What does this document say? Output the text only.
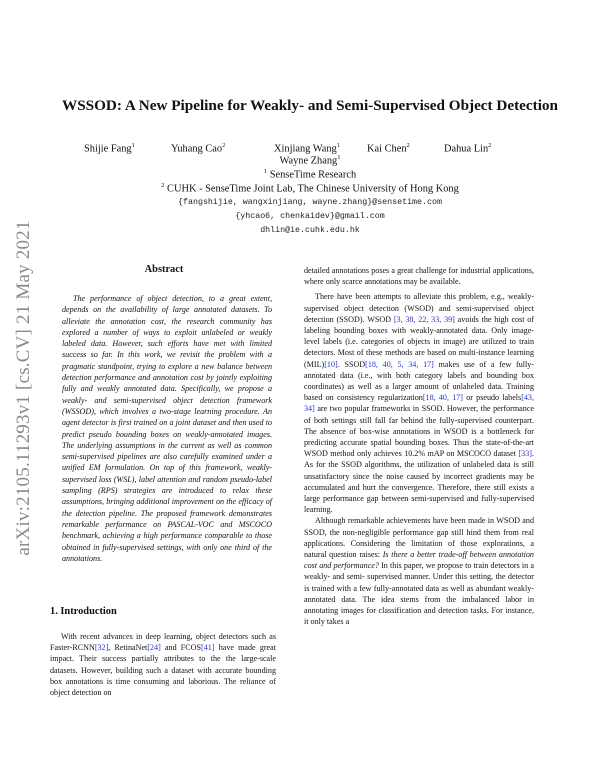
arXiv:2105.11293v1 [cs.CV] 21 May 2021
WSSOD: A New Pipeline for Weakly- and Semi-Supervised Object Detection
Shijie Fang$^1$	Yuhang Cao$^2$	Xinjiang Wang$^1$	Kai Chen$^2$	Dahua Lin$^2$
Wayne Zhang$^1$
$^1$ SenseTime Research
$^2$ CUHK - SenseTime Joint Lab, The Chinese University of Hong Kong
{fangshijie, wangxinjiang, wayne.zhang}@sensetime.com
{yhcao6, chenkaidev}@gmail.com
dhlin@ie.cuhk.edu.hk
Abstract

The performance of object detection, to a great extent, depends on the availability of large annotated datasets. To alleviate the annotation cost, the research community has explored a number of ways to exploit unlabeled or weakly labeled data. However, such efforts have met with limited success so far. In this work, we revisit the problem with a pragmatic standpoint, trying to explore a new balance between detection performance and annotation cost by jointly exploiting fully and weakly annotated data. Specifically, we propose a weakly- and semi-supervised object detection framework (WSSOD), which involves a two-stage learning procedure. An agent detector is first trained on a joint dataset and then used to predict pseudo bounding boxes on weakly-annotated images. The underlying assumptions in the current as well as common semi-supervised pipelines are also carefully examined under a unified EM formulation. On top of this framework, weakly-supervised loss (WSL), label attention and random pseudo-label sampling (RPS) strategies are introduced to relax these assumptions, bringing additional improvement on the efficacy of the detection pipeline. The proposed framework demonstrates remarkable performance on PASCAL-VOC and MSCOCO benchmark, achieving a high performance comparable to those obtained in fully-supervised settings, with only one third of the annotations.

1. Introduction

With recent advances in deep learning, object detectors such as Faster-RCNN[32], RetinaNet[24] and FCOS[41] have made great impact. Their success partially attributes to the the large-scale datasets. However, building such a dataset with accurate bounding box annotations is time consuming and laborious. The reliance of object detection on

detailed annotations poses a great challenge for industrial applications, where only scarce annotations may be available.

There have been attempts to alleviate this problem, e.g., weakly-supervised object detection (WSOD) and semi-supervised object detection (SSOD). WSOD [3, 38, 22, 33, 39] avoids the high cost of labeling bounding boxes with weakly-annotated data. Only image-level labels (i.e. categories of objects in image) are utilized to train detectors. Most of these methods are based on multi-instance learning (MIL)[10]. SSOD[18, 40, 5, 34, 17] makes use of a few fully-annotated data (i.e., with both category labels and bounding box coordinates) as well as a larger amount of unlabeled data. Training based on consistency regularization[18, 40, 17] or pseudo labels[43, 34] are two popular frameworks in SSOD. However, the performance of both settings still fall far behind the fully-supervised counterpart. The absence of box-wise annotations in WSOD is a bottleneck for predicting accurate spatial bounding boxes. Thus the state-of-the-art WSOD method only achieves 10.2% mAP on MSCOCO dataset [33]. As for the SSOD algorithms, the utilization of unlabeled data is still unsatisfactory since the noise caused by incorrect gradients may be accumulated and hurt the convergence. Therefore, there still exists a large performance gap between semi-supervised and fully-supervised learning.

Although remarkable achievements have been made in WSOD and SSOD, the non-negligible performance gap still hind them from real applications. Considering the limitation of those explorations, a natural question raises: Is there a better trade-off between annotation cost and performance? In this paper, we propose to train detectors in a weakly- and semi- supervised manner. Under this setting, the detector is trained with a few fully-annotated data as well as abundant weakly-annotated data. The idea stems from the imbalanced labor in annotating images for classification and detection tasks. For instance, it only takes a
